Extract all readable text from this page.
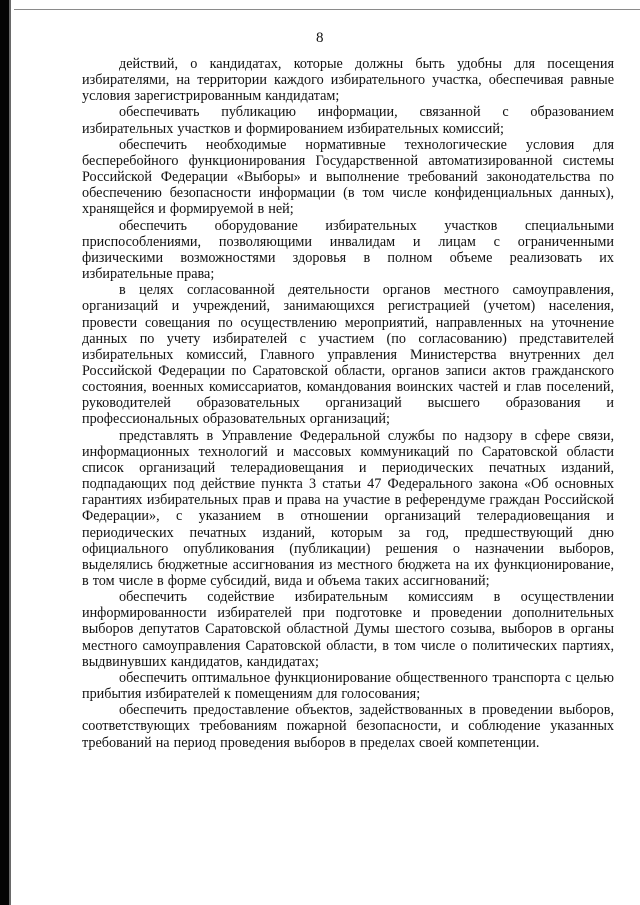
8

действий, о кандидатах, которые должны быть удобны для посещения избирателями, на территории каждого избирательного участка, обеспечивая равные условия зарегистрированным кандидатам;

обеспечивать публикацию информации, связанной с образованием избирательных участков и формированием избирательных комиссий;

обеспечить необходимые нормативные технологические условия для бесперебойного функционирования Государственной автоматизированной системы Российской Федерации «Выборы» и выполнение требований законодательства по обеспечению безопасности информации (в том числе конфиденциальных данных), хранящейся и формируемой в ней;

обеспечить оборудование избирательных участков специальными приспособлениями, позволяющими инвалидам и лицам с ограниченными физическими возможностями здоровья в полном объеме реализовать их избирательные права;

в целях согласованной деятельности органов местного самоуправления, организаций и учреждений, занимающихся регистрацией (учетом) населения, провести совещания по осуществлению мероприятий, направленных на уточнение данных по учету избирателей с участием (по согласованию) представителей избирательных комиссий, Главного управления Министерства внутренних дел Российской Федерации по Саратовской области, органов записи актов гражданского состояния, военных комиссариатов, командования воинских частей и глав поселений, руководителей образовательных организаций высшего образования и профессиональных образовательных организаций;

представлять в Управление Федеральной службы по надзору в сфере связи, информационных технологий и массовых коммуникаций по Саратовской области список организаций телерадиовещания и периодических печатных изданий, подпадающих под действие пункта 3 статьи 47 Федерального закона «Об основных гарантиях избирательных прав и права на участие в референдуме граждан Российской Федерации», с указанием в отношении организаций телерадиовещания и периодических печатных изданий, которым за год, предшествующий дню официального опубликования (публикации) решения о назначении выборов, выделялись бюджетные ассигнования из местного бюджета на их функционирование, в том числе в форме субсидий, вида и объема таких ассигнований;

обеспечить содействие избирательным комиссиям в осуществлении информированности избирателей при подготовке и проведении дополнительных выборов депутатов Саратовской областной Думы шестого созыва, выборов в органы местного самоуправления Саратовской области, в том числе о политических партиях, выдвинувших кандидатов, кандидатах;

обеспечить оптимальное функционирование общественного транспорта с целью прибытия избирателей к помещениям для голосования;

обеспечить предоставление объектов, задействованных в проведении выборов, соответствующих требованиям пожарной безопасности, и соблюдение указанных требований на период проведения выборов в пределах своей компетенции.
